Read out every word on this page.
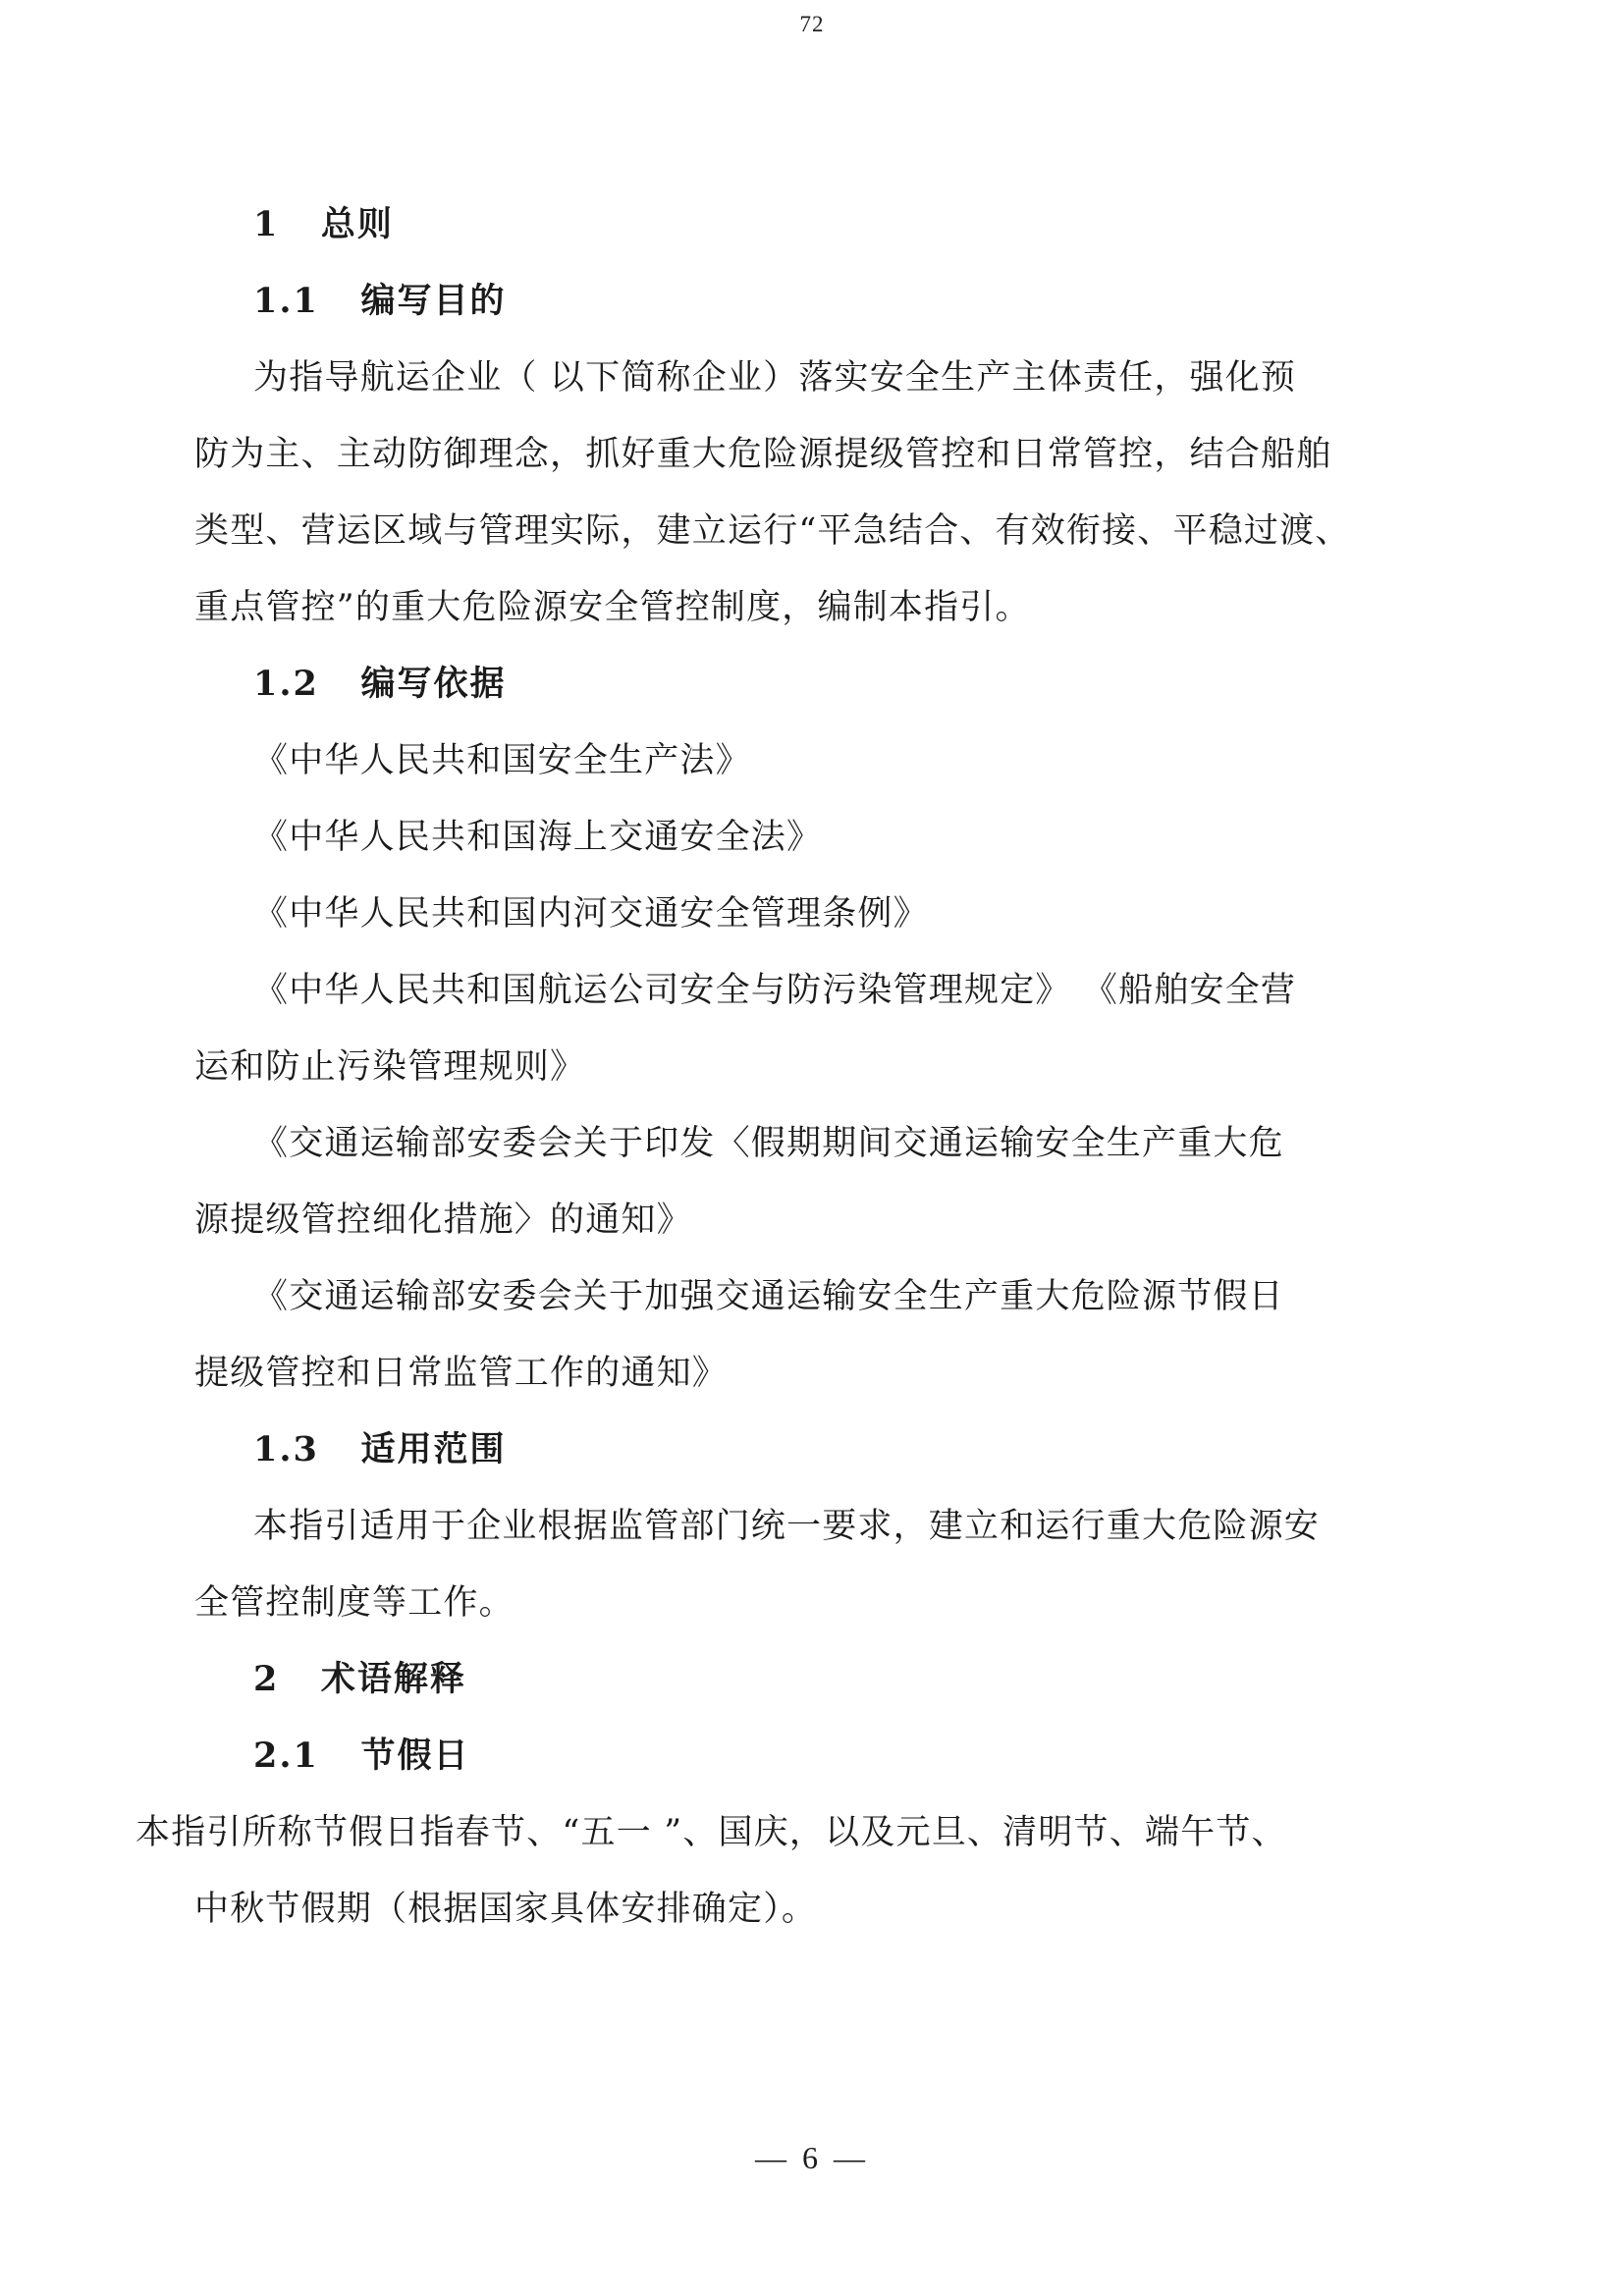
72
1   总则
1.1   编写目的
为指导航运企业（ 以下简称企业）落实安全生产主体责任，强化预
防为主、主动防御理念，抓好重大危险源提级管控和日常管控，结合船舶
类型、营运区域与管理实际，建立运行“平急结合、有效衔接、平稳过渡、
重点管控”的重大危险源安全管控制度，编制本指引。
1.2   编写依据
《中华人民共和国安全生产法》
《中华人民共和国海上交通安全法》
《中华人民共和国内河交通安全管理条例》
《中华人民共和国航运公司安全与防污染管理规定》 《船舶安全营
运和防止污染管理规则》
《交通运输部安委会关于印发〈假期期间交通运输安全生产重大危
源提级管控细化措施〉的通知》
《交通运输部安委会关于加强交通运输安全生产重大危险源节假日
提级管控和日常监管工作的通知》
1.3   适用范围
本指引适用于企业根据监管部门统一要求，建立和运行重大危险源安
全管控制度等工作。
2   术语解释
2.1   节假日
本指引所称节假日指春节、“五一 ”、国庆，以及元旦、清明节、端午节、
中秋节假期（根据国家具体安排确定）。
— 6 —
